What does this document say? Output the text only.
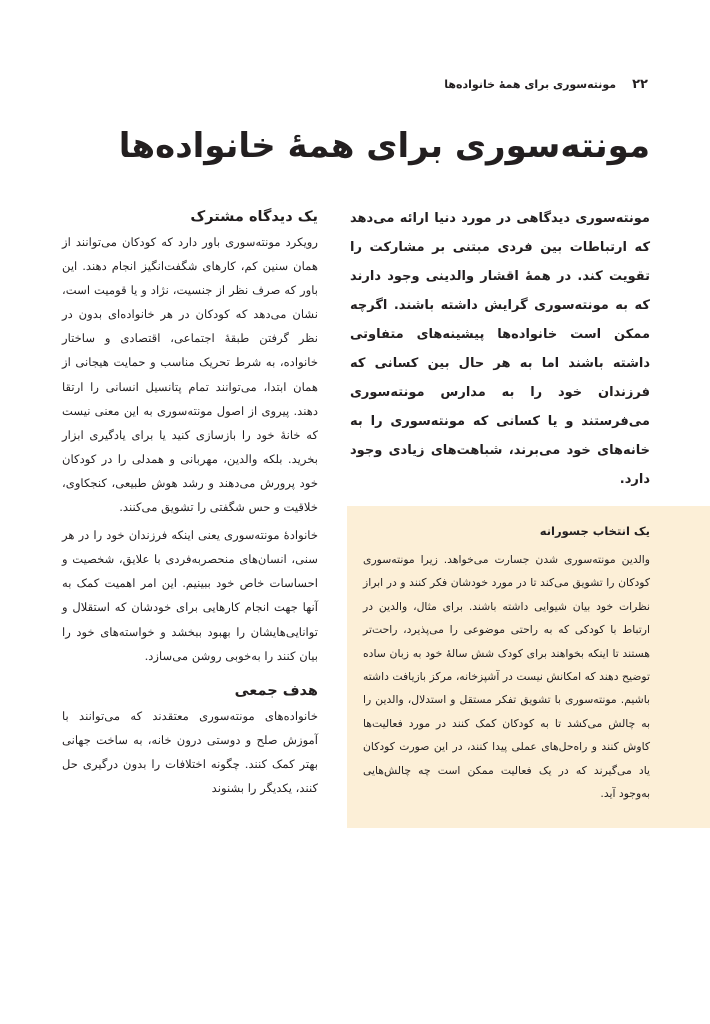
۲۲
مونته‌سوری برای همهٔ خانواده‌ها
مونته‌سوری برای همهٔ خانواده‌ها

مونته‌سوری دیدگاهی در مورد دنیا ارائه می‌دهد که ارتباطات بین فردی مبتنی بر مشارکت را تقویت کند. در همهٔ اقشار والدینی وجود دارند که به مونته‌سوری گرایش داشته باشند. اگرچه ممکن است خانواده‌ها پیشینه‌های متفاوتی داشته باشند اما به هر حال بین کسانی که فرزندان خود را به مدارس مونته‌سوری می‌فرستند و یا کسانی که مونته‌سوری را به خانه‌های خود می‌برند، شباهت‌های زیادی وجود دارد.

یک انتخاب جسورانه

والدین مونته‌سوری شدن جسارت می‌خواهد. زیرا مونته‌سوری کودکان را تشویق می‌کند تا در مورد خودشان فکر کنند و در ابراز نظرات خود بیان شیوایی داشته باشند. برای مثال، والدین در ارتباط با کودکی که به راحتی موضوعی را می‌پذیرد، راحت‌تر هستند تا اینکه بخواهند برای کودک شش سالهٔ خود به زبان ساده توضیح دهند که امکانش نیست در آشپزخانه، مرکز بازیافت داشته باشیم. مونته‌سوری با تشویق تفکر مستقل و استدلال، والدین را به چالش می‌کشد تا به کودکان کمک کنند در مورد فعالیت‌ها کاوش کنند و راه‌حل‌های عملی پیدا کنند، در این صورت کودکان یاد می‌گیرند که در یک فعالیت ممکن است چه چالش‌هایی به‌وجود آید.

یک دیدگاه مشترک

رویکرد مونته‌سوری باور دارد که کودکان می‌توانند از همان سنین کم، کارهای شگفت‌انگیز انجام دهند. این باور که صرف نظر از جنسیت، نژاد و یا قومیت است، نشان می‌دهد که کودکان در هر خانواده‌ای بدون در نظر گرفتن طبقهٔ اجتماعی، اقتصادی و ساختار خانواده، به شرط تحریک مناسب و حمایت هیجانی از همان ابتدا، می‌توانند تمام پتانسیل انسانی را ارتقا دهند. پیروی از اصول مونته‌سوری به این معنی نیست که خانهٔ خود را بازسازی کنید یا برای یادگیری ابزار بخرید. بلکه والدین، مهربانی و همدلی را در کودکان خود پرورش می‌دهند و رشد هوش طبیعی، کنجکاوی، خلاقیت و حس شگفتی را تشویق می‌کنند.

خانوادهٔ مونته‌سوری یعنی اینکه فرزندان خود را در هر سنی، انسان‌های منحصربه‌فردی با علایق، شخصیت و احساسات خاص خود ببینیم. این امر اهمیت کمک به آنها جهت انجام کارهایی برای خودشان که استقلال و توانایی‌هایشان را بهبود ببخشد و خواسته‌های خود را بیان کنند را به‌خوبی روشن می‌سازد.

هدف جمعی

خانواده‌های مونته‌سوری معتقدند که می‌توانند با آموزش صلح و دوستی درون خانه، به ساخت جهانی بهتر کمک کنند. چگونه اختلافات را بدون درگیری حل کنند، یکدیگر را بشنوند
